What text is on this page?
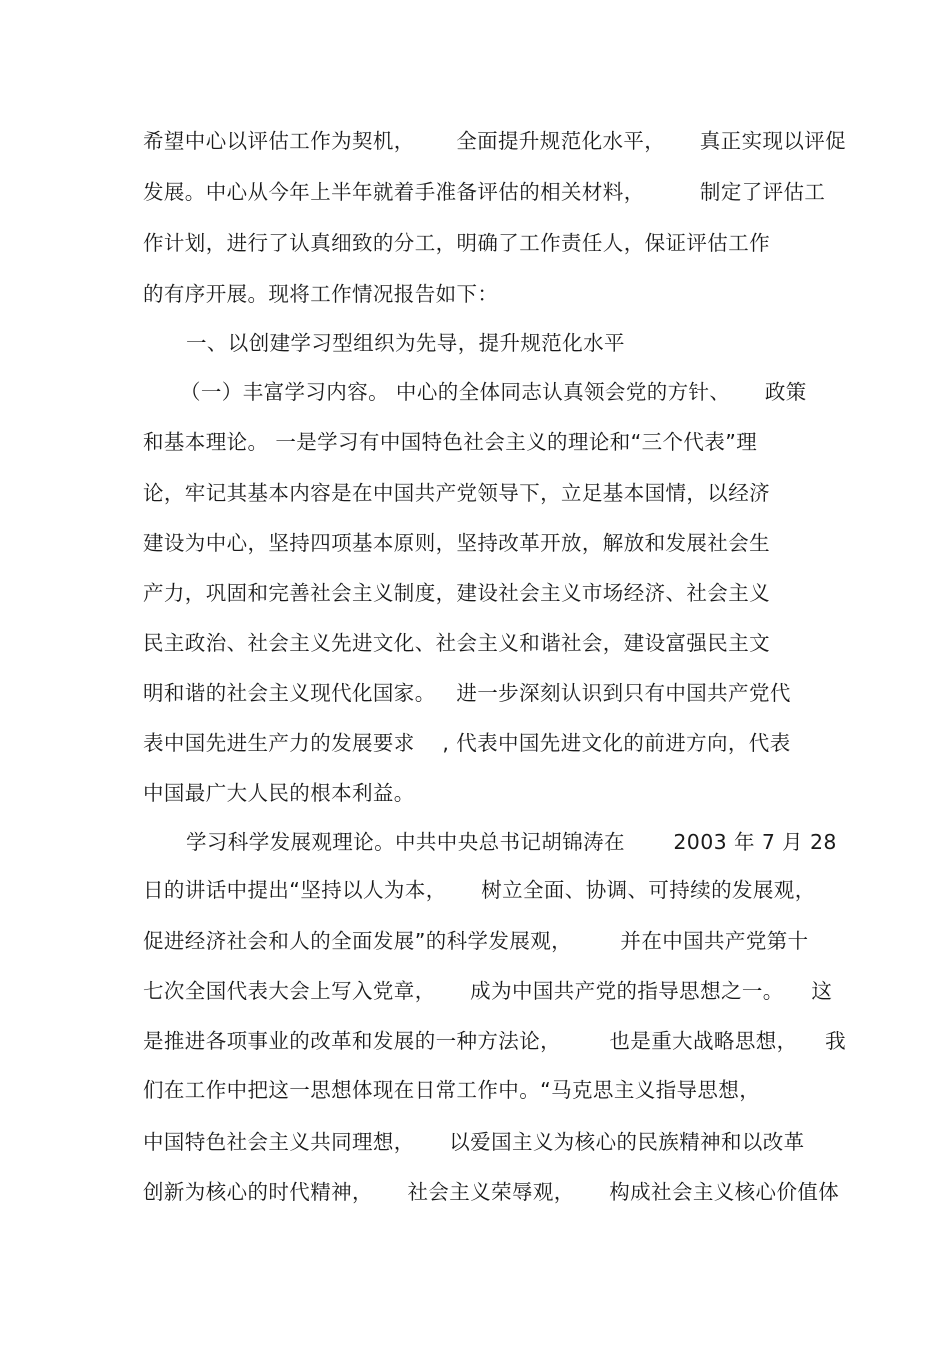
希望中心以评估工作为契机，      全面提升规范化水平，     真正实现以评促
发展。中心从今年上半年就着手准备评估的相关材料，        制定了评估工
作计划，进行了认真细致的分工，明确了工作责任人，保证评估工作
的有序开展。现将工作情况报告如下：
一、以创建学习型组织为先导，提升规范化水平
（一）丰富学习内容。 中心的全体同志认真领会党的方针、     政策
和基本理论。 一是学习有中国特色社会主义的理论和“三个代表”理
论，牢记其基本内容是在中国共产党领导下，立足基本国情，以经济
建设为中心，坚持四项基本原则，坚持改革开放，解放和发展社会生
产力，巩固和完善社会主义制度，建设社会主义市场经济、社会主义
民主政治、社会主义先进文化、社会主义和谐社会，建设富强民主文
明和谐的社会主义现代化国家。   进一步深刻认识到只有中国共产党代
表中国先进生产力的发展要求    , 代表中国先进文化的前进方向，代表
中国最广大人民的根本利益。
学习科学发展观理论。中共中央总书记胡锦涛在       2003 年 7 月 28
日的讲话中提出“坚持以人为本，     树立全面、协调、可持续的发展观，
促进经济社会和人的全面发展”的科学发展观，       并在中国共产党第十
七次全国代表大会上写入党章，     成为中国共产党的指导思想之一。    这
是推进各项事业的改革和发展的一种方法论，       也是重大战略思想，    我
们在工作中把这一思想体现在日常工作中。“马克思主义指导思想，
中国特色社会主义共同理想，     以爱国主义为核心的民族精神和以改革
创新为核心的时代精神，     社会主义荣辱观，     构成社会主义核心价值体
